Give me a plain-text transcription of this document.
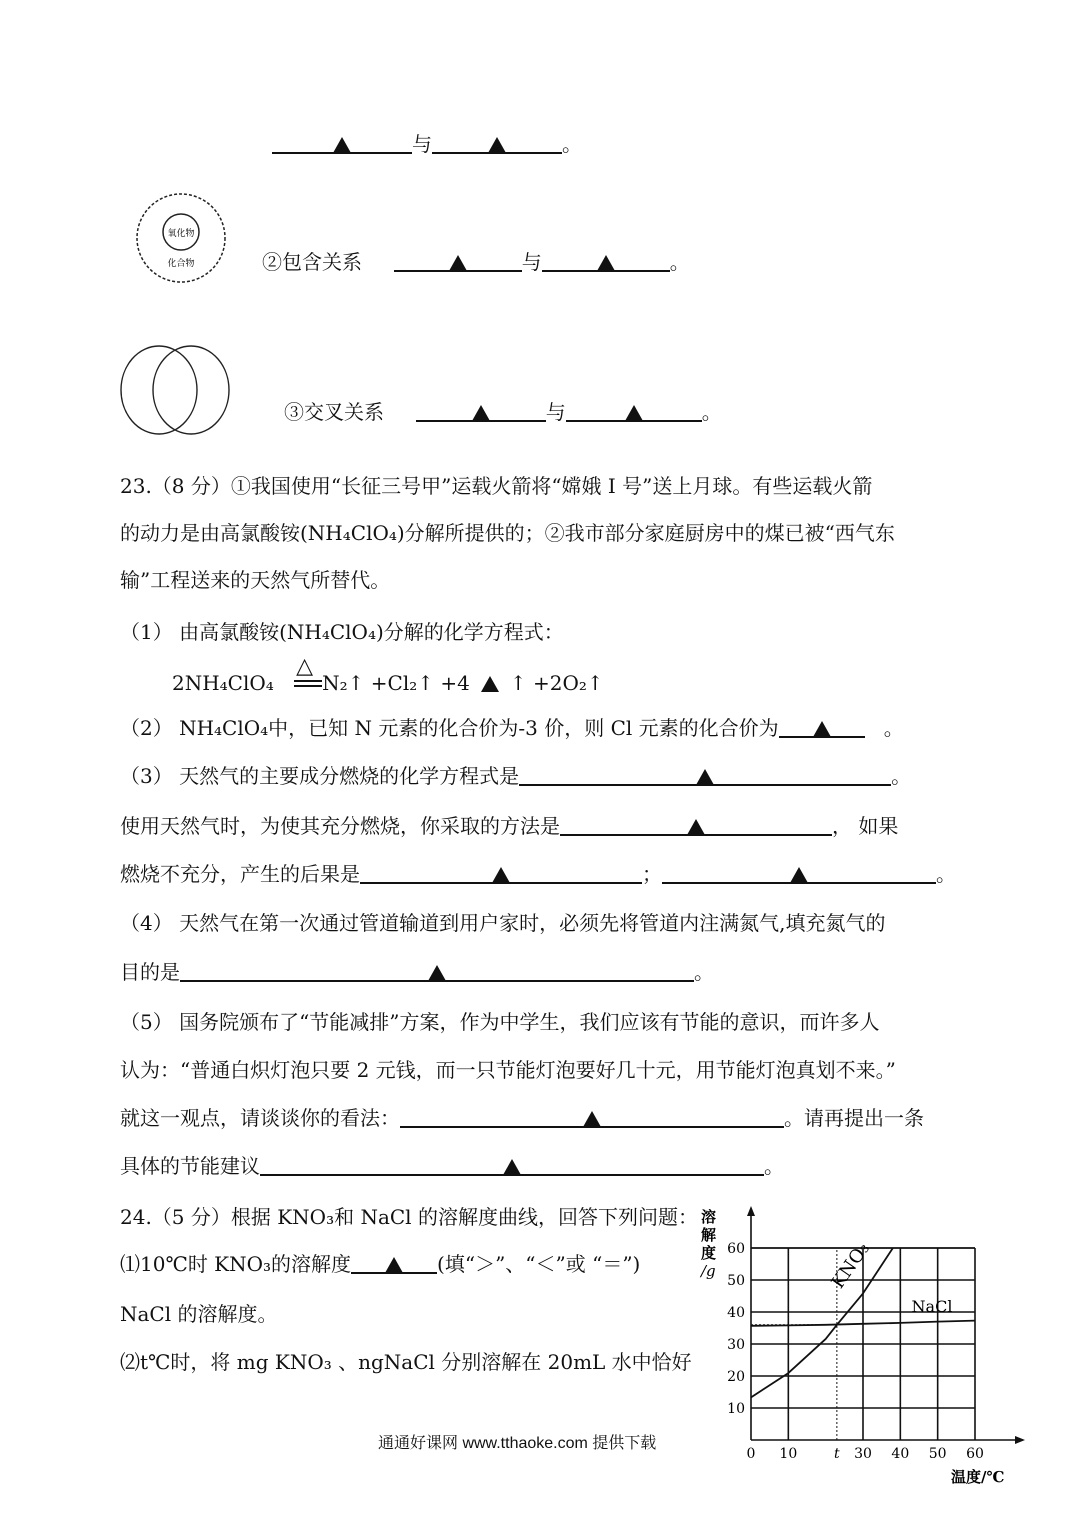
与	。
氧化物
化合物	②包含关系	与	。
③交叉关系	与	。
23.（8 分）①我国使用“长征三号甲”运载火箭将“嫦娥 I 号”送上月球。有些运载火箭
的动力是由高氯酸铵(NH₄ClO₄)分解所提供的；②我市部分家庭厨房中的煤已被“西气东
输”工程送来的天然气所替代。
（1） 由高氯酸铵(NH₄ClO₄)分解的化学方程式：
2NH₄ClO₄
△
N₂↑ +Cl₂↑ +4 ↑ +2O₂↑
（2） NH₄ClO₄中，已知 N 元素的化合价为-3 价，则 Cl 元素的化合价为	。
（3） 天然气的主要成分燃烧的化学方程式是	。
使用天然气时，为使其充分燃烧，你采取的方法是	， 如果
燃烧不充分，产生的后果是	；	。
（4） 天然气在第一次通过管道输道到用户家时，必须先将管道内注满氮气,填充氮气的
目的是	。
（5） 国务院颁布了“节能减排”方案，作为中学生，我们应该有节能的意识，而许多人
认为：“普通白炽灯泡只要 2 元钱，而一只节能灯泡要好几十元，用节能灯泡真划不来。”
就这一观点，请谈谈你的看法：	。请再提出一条
具体的节能建议	。
24.（5 分）根据 KNO₃和 NaCl 的溶解度曲线，回答下列问题：
⑴10℃时 KNO₃的溶解度	(填“＞”、“＜”或 “＝”)
NaCl 的溶解度。
⑵t℃时，将 mg KNO₃ 、ngNaCl 分别溶解在 20mL 水中恰好
通通好课网 www.tthaoke.com 提供下载
10
20
30
40
50
60
0 10	t 30 40 50 60
KNO₃
NaCl
溶
解
度
/g
温度/℃
